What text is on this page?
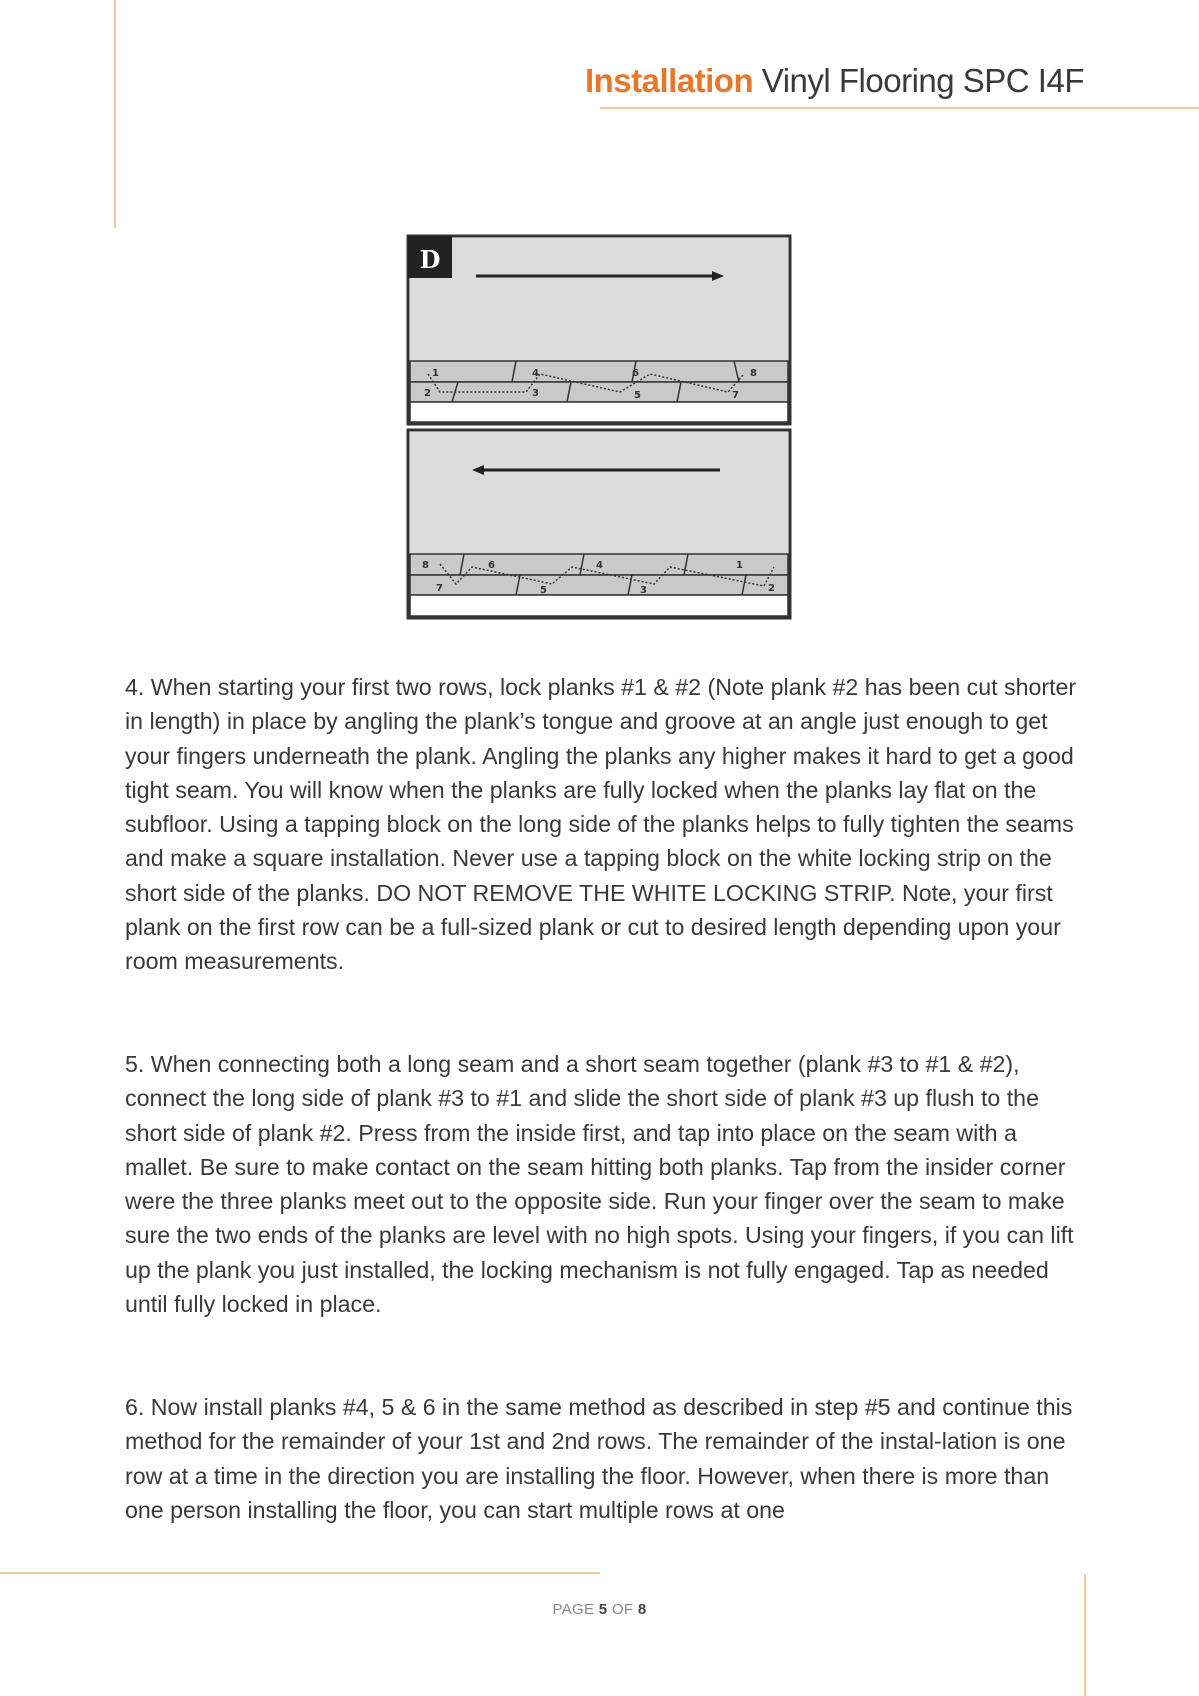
Installation Vinyl Flooring SPC I4F
D
1	4	6	8
2	3	5	7
8	6	4	1
7	5	3	2

4. When starting your first two rows, lock planks #1 & #2 (Note plank #2 has been cut shorter in length) in place by angling the plank’s tongue and groove at an angle just enough to get your fingers underneath the plank. Angling the planks any higher makes it hard to get a good tight seam. You will know when the planks are fully locked when the planks lay flat on the subfloor. Using a tapping block on the long side of the planks helps to fully tighten the seams and make a square installation. Never use a tapping block on the white locking strip on the short side of the planks. DO NOT REMOVE THE WHITE LOCKING STRIP. Note, your first plank on the first row can be a full-sized plank or cut to desired length depending upon your room measurements.

5. When connecting both a long seam and a short seam together (plank #3 to #1 & #2), connect the long side of plank #3 to #1 and slide the short side of plank #3 up flush to the short side of plank #2. Press from the inside first, and tap into place on the seam with a mallet. Be sure to make contact on the seam hitting both planks. Tap from the insider corner were the three planks meet out to the opposite side. Run your finger over the seam to make sure the two ends of the planks are level with no high spots. Using your fingers, if you can lift up the plank you just installed, the locking mechanism is not fully engaged. Tap as needed until fully locked in place.

6. Now install planks #4, 5 & 6 in the same method as described in step #5 and continue this method for the remainder of your 1st and 2nd rows. The remainder of the instal-lation is one row at a time in the direction you are installing the floor. However, when there is more than one person installing the floor, you can start multiple rows at one

PAGE 5 OF 8
